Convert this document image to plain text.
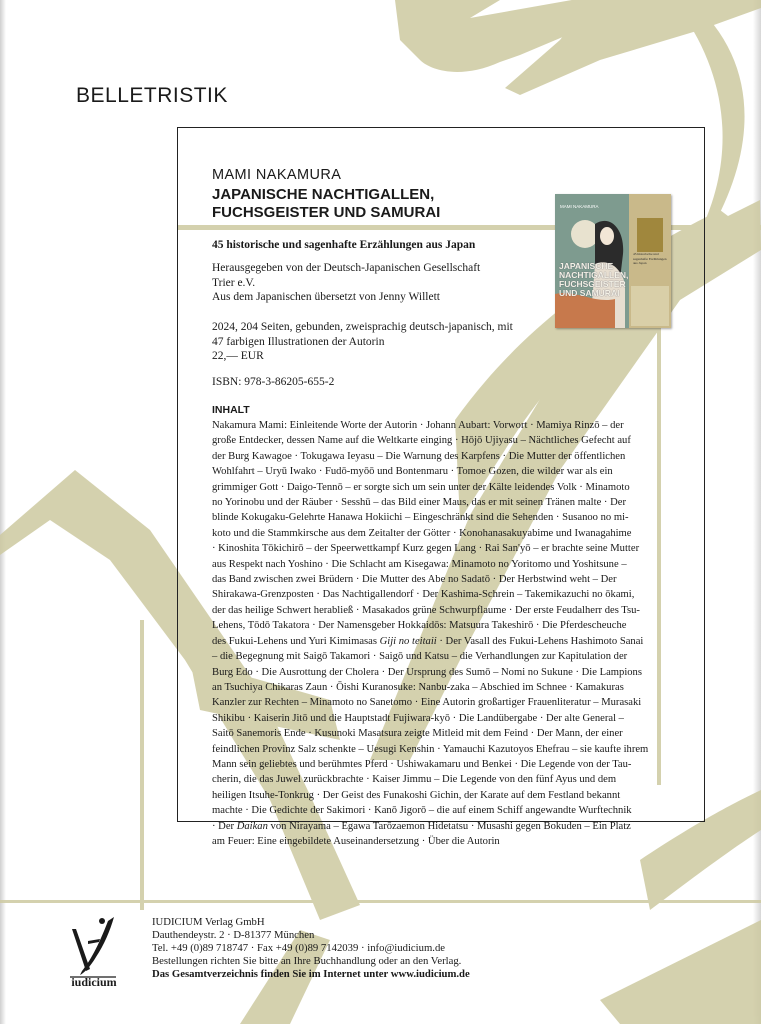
BELLETRISTIK
MAMI NAKAMURA
JAPANISCHE NACHTIGALLEN,
FUCHSGEISTER UND SAMURAI
45 historische und sagenhafte Erzählungen aus Japan
Herausgegeben von der Deutsch-Japanischen Gesellschaft
Trier e.V.
Aus dem Japanischen übersetzt von Jenny Willett
2024, 204 Seiten, gebunden, zweisprachig deutsch-japanisch, mit
47 farbigen Illustrationen der Autorin
22,— EUR
ISBN: 978-3-86205-655-2
MAMI NAKAMURA
JAPANISCHE
NACHTIGALLEN,
FUCHSGEISTER
UND SAMURAI
45 historische und sagenhafte Erzählungen aus Japan
INHALT
Nakamura Mami: Einleitende Worte der Autorin · Johann Aubart: Vorwort · Mamiya Rinzō – der
große Entdecker, dessen Name auf die Weltkarte einging · Hōjō Ujiyasu – Nächtliches Gefecht auf
der Burg Kawagoe · Tokugawa Ieyasu – Die Warnung des Karpfens · Die Mutter der öffentlichen
Wohlfahrt – Uryū Iwako · Fudō-myōō und Bontenmaru · Tomoe Gozen, die wilder war als ein
grimmiger Gott · Daigo-Tennō – er sorgte sich um sein unter der Kälte leidendes Volk · Minamoto
no Yorinobu und der Räuber · Sesshū – das Bild einer Maus, das er mit seinen Tränen malte · Der
blinde Kokugaku-Gelehrte Hanawa Hokiichi – Eingeschränkt sind die Sehenden · Susanoo no mi-
koto und die Stammkirsche aus dem Zeitalter der Götter · Konohanasakuyabime und Iwanagahime
· Kinoshita Tōkichirō – der Speerwettkampf Kurz gegen Lang · Rai San'yō – er brachte seine Mutter
aus Respekt nach Yoshino · Die Schlacht am Kisegawa: Minamoto no Yoritomo und Yoshitsune –
das Band zwischen zwei Brüdern · Die Mutter des Abe no Sadatō · Der Herbstwind weht – Der
Shirakawa-Grenzposten · Das Nachtigallendorf · Der Kashima-Schrein – Takemikazuchi no ōkami,
der das heilige Schwert herabließ · Masakados grüne Schwurpflaume · Der erste Feudalherr des Tsu-
Lehens, Tōdō Takatora · Der Namensgeber Hokkaidōs: Matsuura Takeshirō · Die Pferdescheuche
des Fukui-Lehens und Yuri Kimimasas Giji no teitaii · Der Vasall des Fukui-Lehens Hashimoto Sanai
– die Begegnung mit Saigō Takamori · Saigō und Katsu – die Verhandlungen zur Kapitulation der
Burg Edo · Die Ausrottung der Cholera · Der Ursprung des Sumō – Nomi no Sukune · Die Lampions
an Tsuchiya Chikaras Zaun · Ōishi Kuranosuke: Nanbu-zaka – Abschied im Schnee · Kamakuras
Kanzler zur Rechten – Minamoto no Sanetomo · Eine Autorin großartiger Frauenliteratur – Murasaki
Shikibu · Kaiserin Jitō und die Hauptstadt Fujiwara-kyō · Die Landübergabe · Der alte General –
Saitō Sanemoris Ende · Kusunoki Masatsura zeigte Mitleid mit dem Feind · Der Mann, der einer
feindlichen Provinz Salz schenkte – Uesugi Kenshin · Yamauchi Kazutoyos Ehefrau – sie kaufte ihrem
Mann sein geliebtes und berühmtes Pferd · Ushiwakamaru und Benkei · Die Legende von der Tau-
cherin, die das Juwel zurückbrachte · Kaiser Jimmu – Die Legende von den fünf Ayus und dem
heiligen Itsuhe-Tonkrug · Der Geist des Funakoshi Gichin, der Karate auf dem Festland bekannt
machte · Die Gedichte der Sakimori · Kanō Jigorō – die auf einem Schiff angewandte Wurftechnik
· Der Daikan von Nirayama – Egawa Tarōzaemon Hidetatsu · Musashi gegen Bokuden – Ein Platz
am Feuer: Eine eingebildete Auseinandersetzung · Über die Autorin
iudicium
IUDICIUM Verlag GmbH
Dauthendeystr. 2 · D-81377 München
Tel. +49 (0)89 718747 · Fax +49 (0)89 7142039 · info@iudicium.de
Bestellungen richten Sie bitte an Ihre Buchhandlung oder an den Verlag.
Das Gesamtverzeichnis finden Sie im Internet unter www.iudicium.de
